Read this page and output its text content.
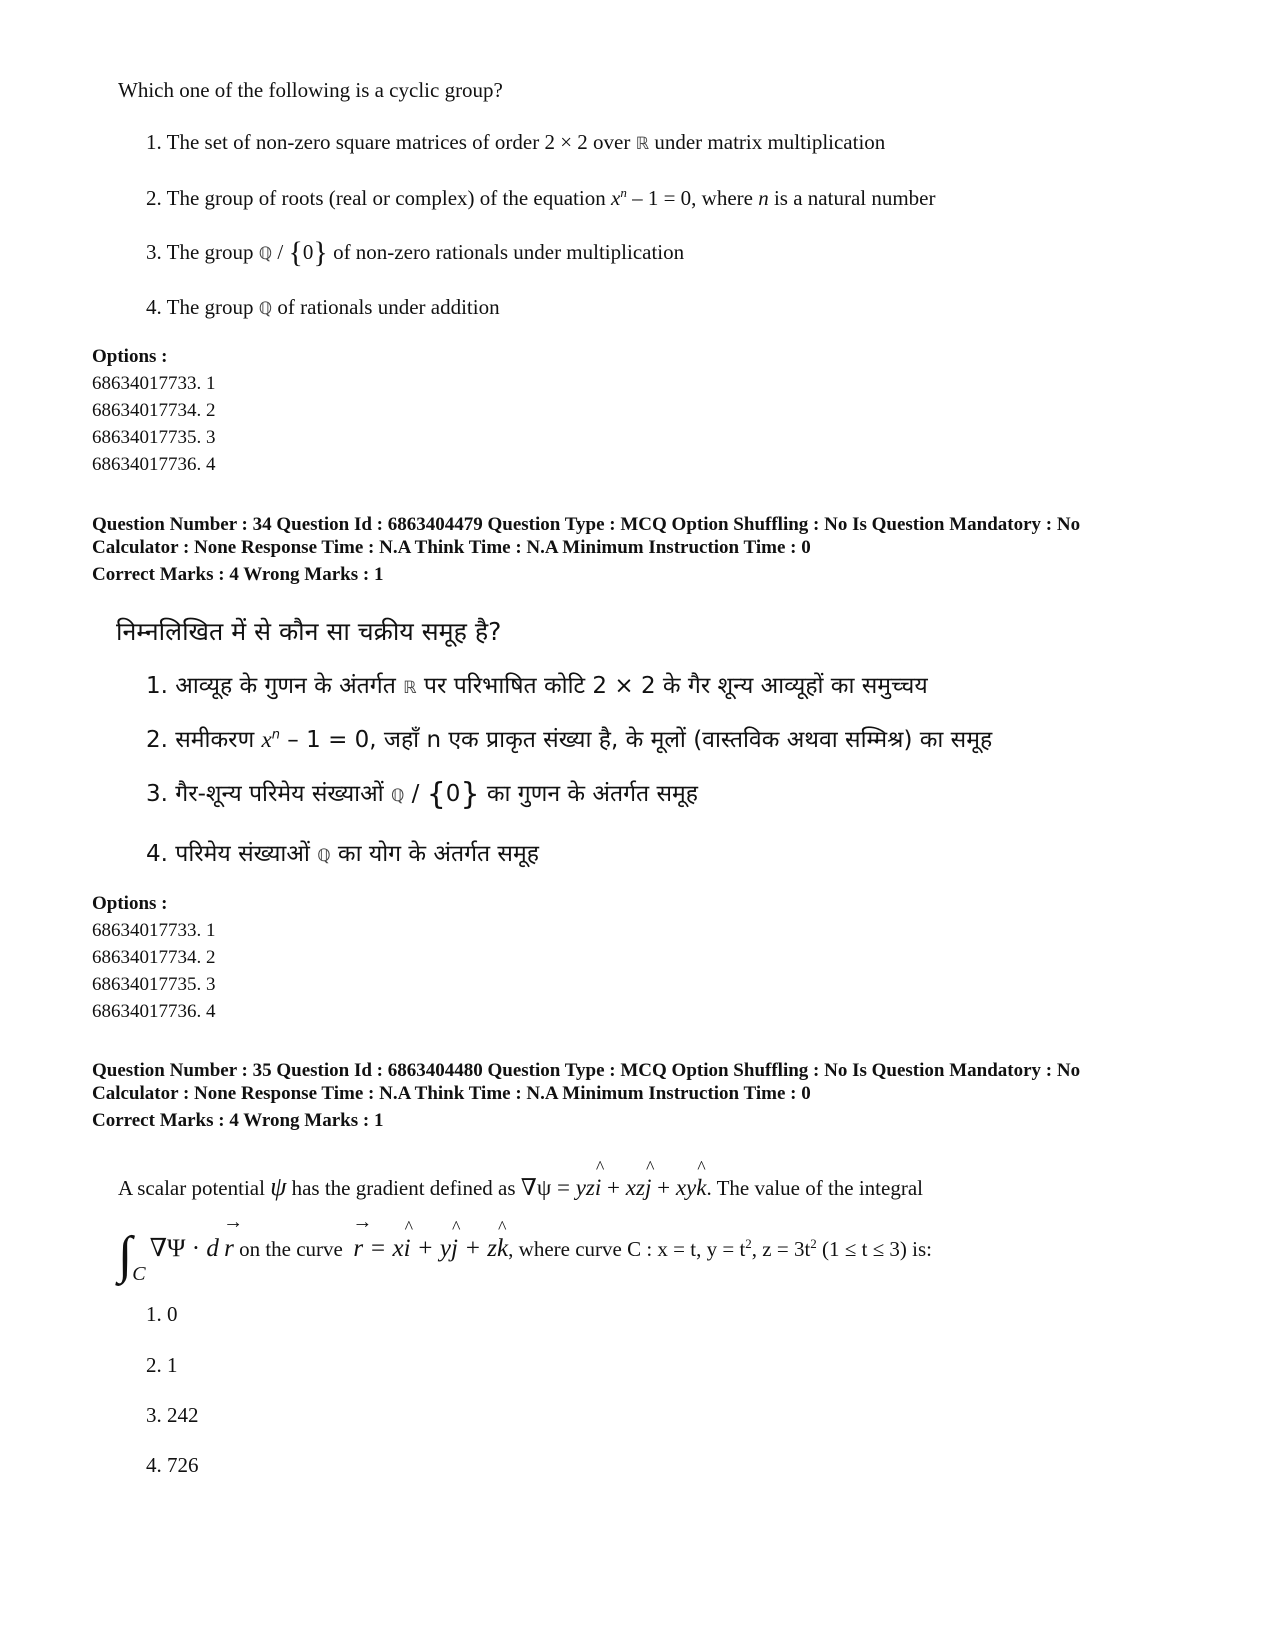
Which one of the following is a cyclic group?
1. The set of non-zero square matrices of order 2 × 2 over ℝ under matrix multiplication
2. The group of roots (real or complex) of the equation $x^n - 1 = 0$, where n is a natural number
3. The group ℚ / {0} of non-zero rationals under multiplication
4. The group ℚ of rationals under addition
Options :
68634017733. 1
68634017734. 2
68634017735. 3
68634017736. 4
Question Number : 34 Question Id : 6863404479 Question Type : MCQ Option Shuffling : No Is Question Mandatory : No
Calculator : None Response Time : N.A Think Time : N.A Minimum Instruction Time : 0
Correct Marks : 4 Wrong Marks : 1
निम्नलिखित में से कौन सा चक्रीय समूह है?
1. आव्यूह के गुणन के अंतर्गत ℝ पर परिभाषित कोटि 2 × 2 के गैर शून्य आव्यूहों का समुच्चय
2. समीकरण $x^n - 1 = 0$, जहाँ n एक प्राकृत संख्या है, के मूलों (वास्तविक अथवा सम्मिश्र) का समूह
3. गैर-शून्य परिमेय संख्याओं ℚ / {0} का गुणन के अंतर्गत समूह
4. परिमेय संख्याओं ℚ का योग के अंतर्गत समूह
Options :
68634017733. 1
68634017734. 2
68634017735. 3
68634017736. 4
Question Number : 35 Question Id : 6863404480 Question Type : MCQ Option Shuffling : No Is Question Mandatory : No
Calculator : None Response Time : N.A Think Time : N.A Minimum Instruction Time : 0
Correct Marks : 4 Wrong Marks : 1
A scalar potential ψ has the gradient defined as ∇ψ = yz^ i + xz^ j + xy^ k. The value of the integral
∫C∇Ψ · d → r on the curve  → r = x^ i + y^ j + z^ k, where curve C : x = t, $y = t^2$, $z = 3t^2$ (1 ≤ t ≤ 3) is:
1. 0
2. 1
3. 242
4. 726
